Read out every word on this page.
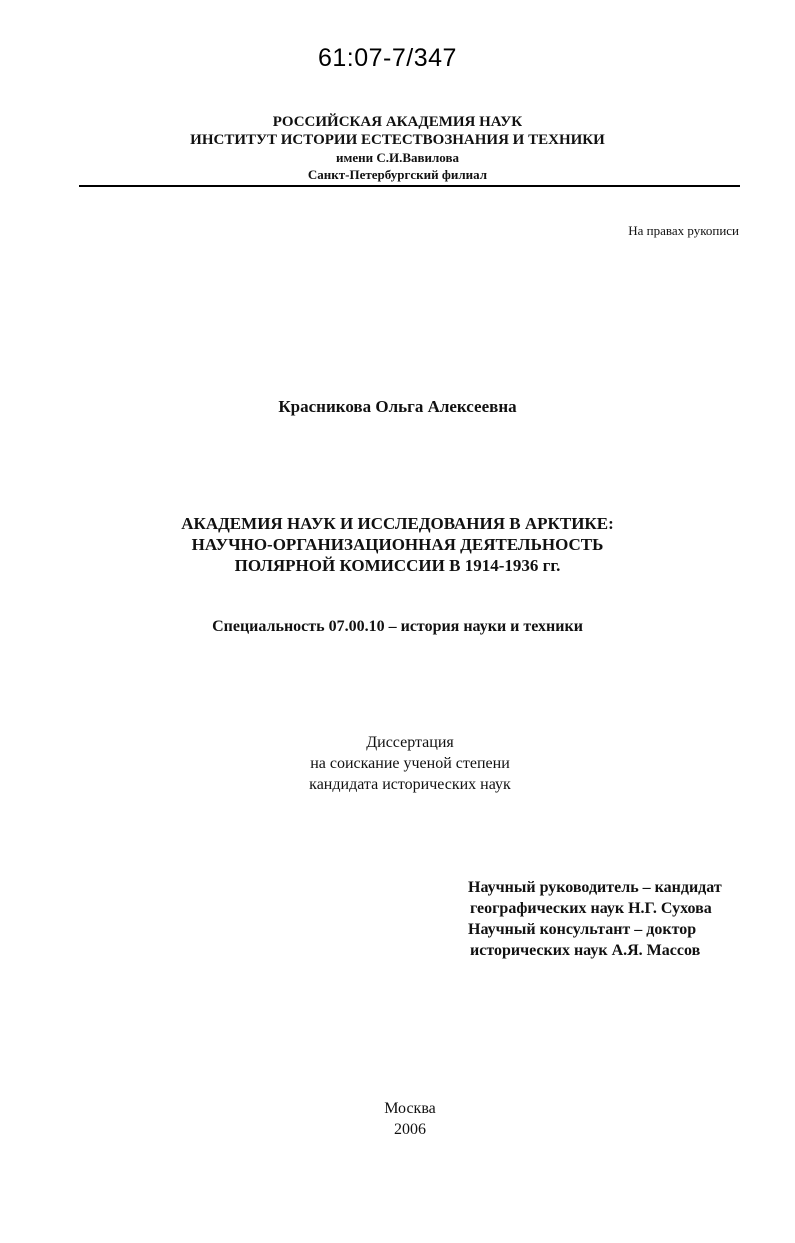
61:07-7/347
РОССИЙСКАЯ АКАДЕМИЯ НАУК
ИНСТИТУТ ИСТОРИИ ЕСТЕСТВОЗНАНИЯ И ТЕХНИКИ
имени С.И.Вавилова
Санкт-Петербургский филиал
На правах рукописи
Красникова Ольга Алексеевна
АКАДЕМИЯ НАУК И ИССЛЕДОВАНИЯ В АРКТИКЕ:
НАУЧНО-ОРГАНИЗАЦИОННАЯ ДЕЯТЕЛЬНОСТЬ
ПОЛЯРНОЙ КОМИССИИ В 1914-1936 гг.
Специальность 07.00.10 – история науки и техники
Диссертация
на соискание ученой степени
кандидата исторических наук
Научный руководитель – кандидат
географических наук Н.Г. Сухова
Научный консультант – доктор
исторических наук А.Я. Массов
Москва
2006
